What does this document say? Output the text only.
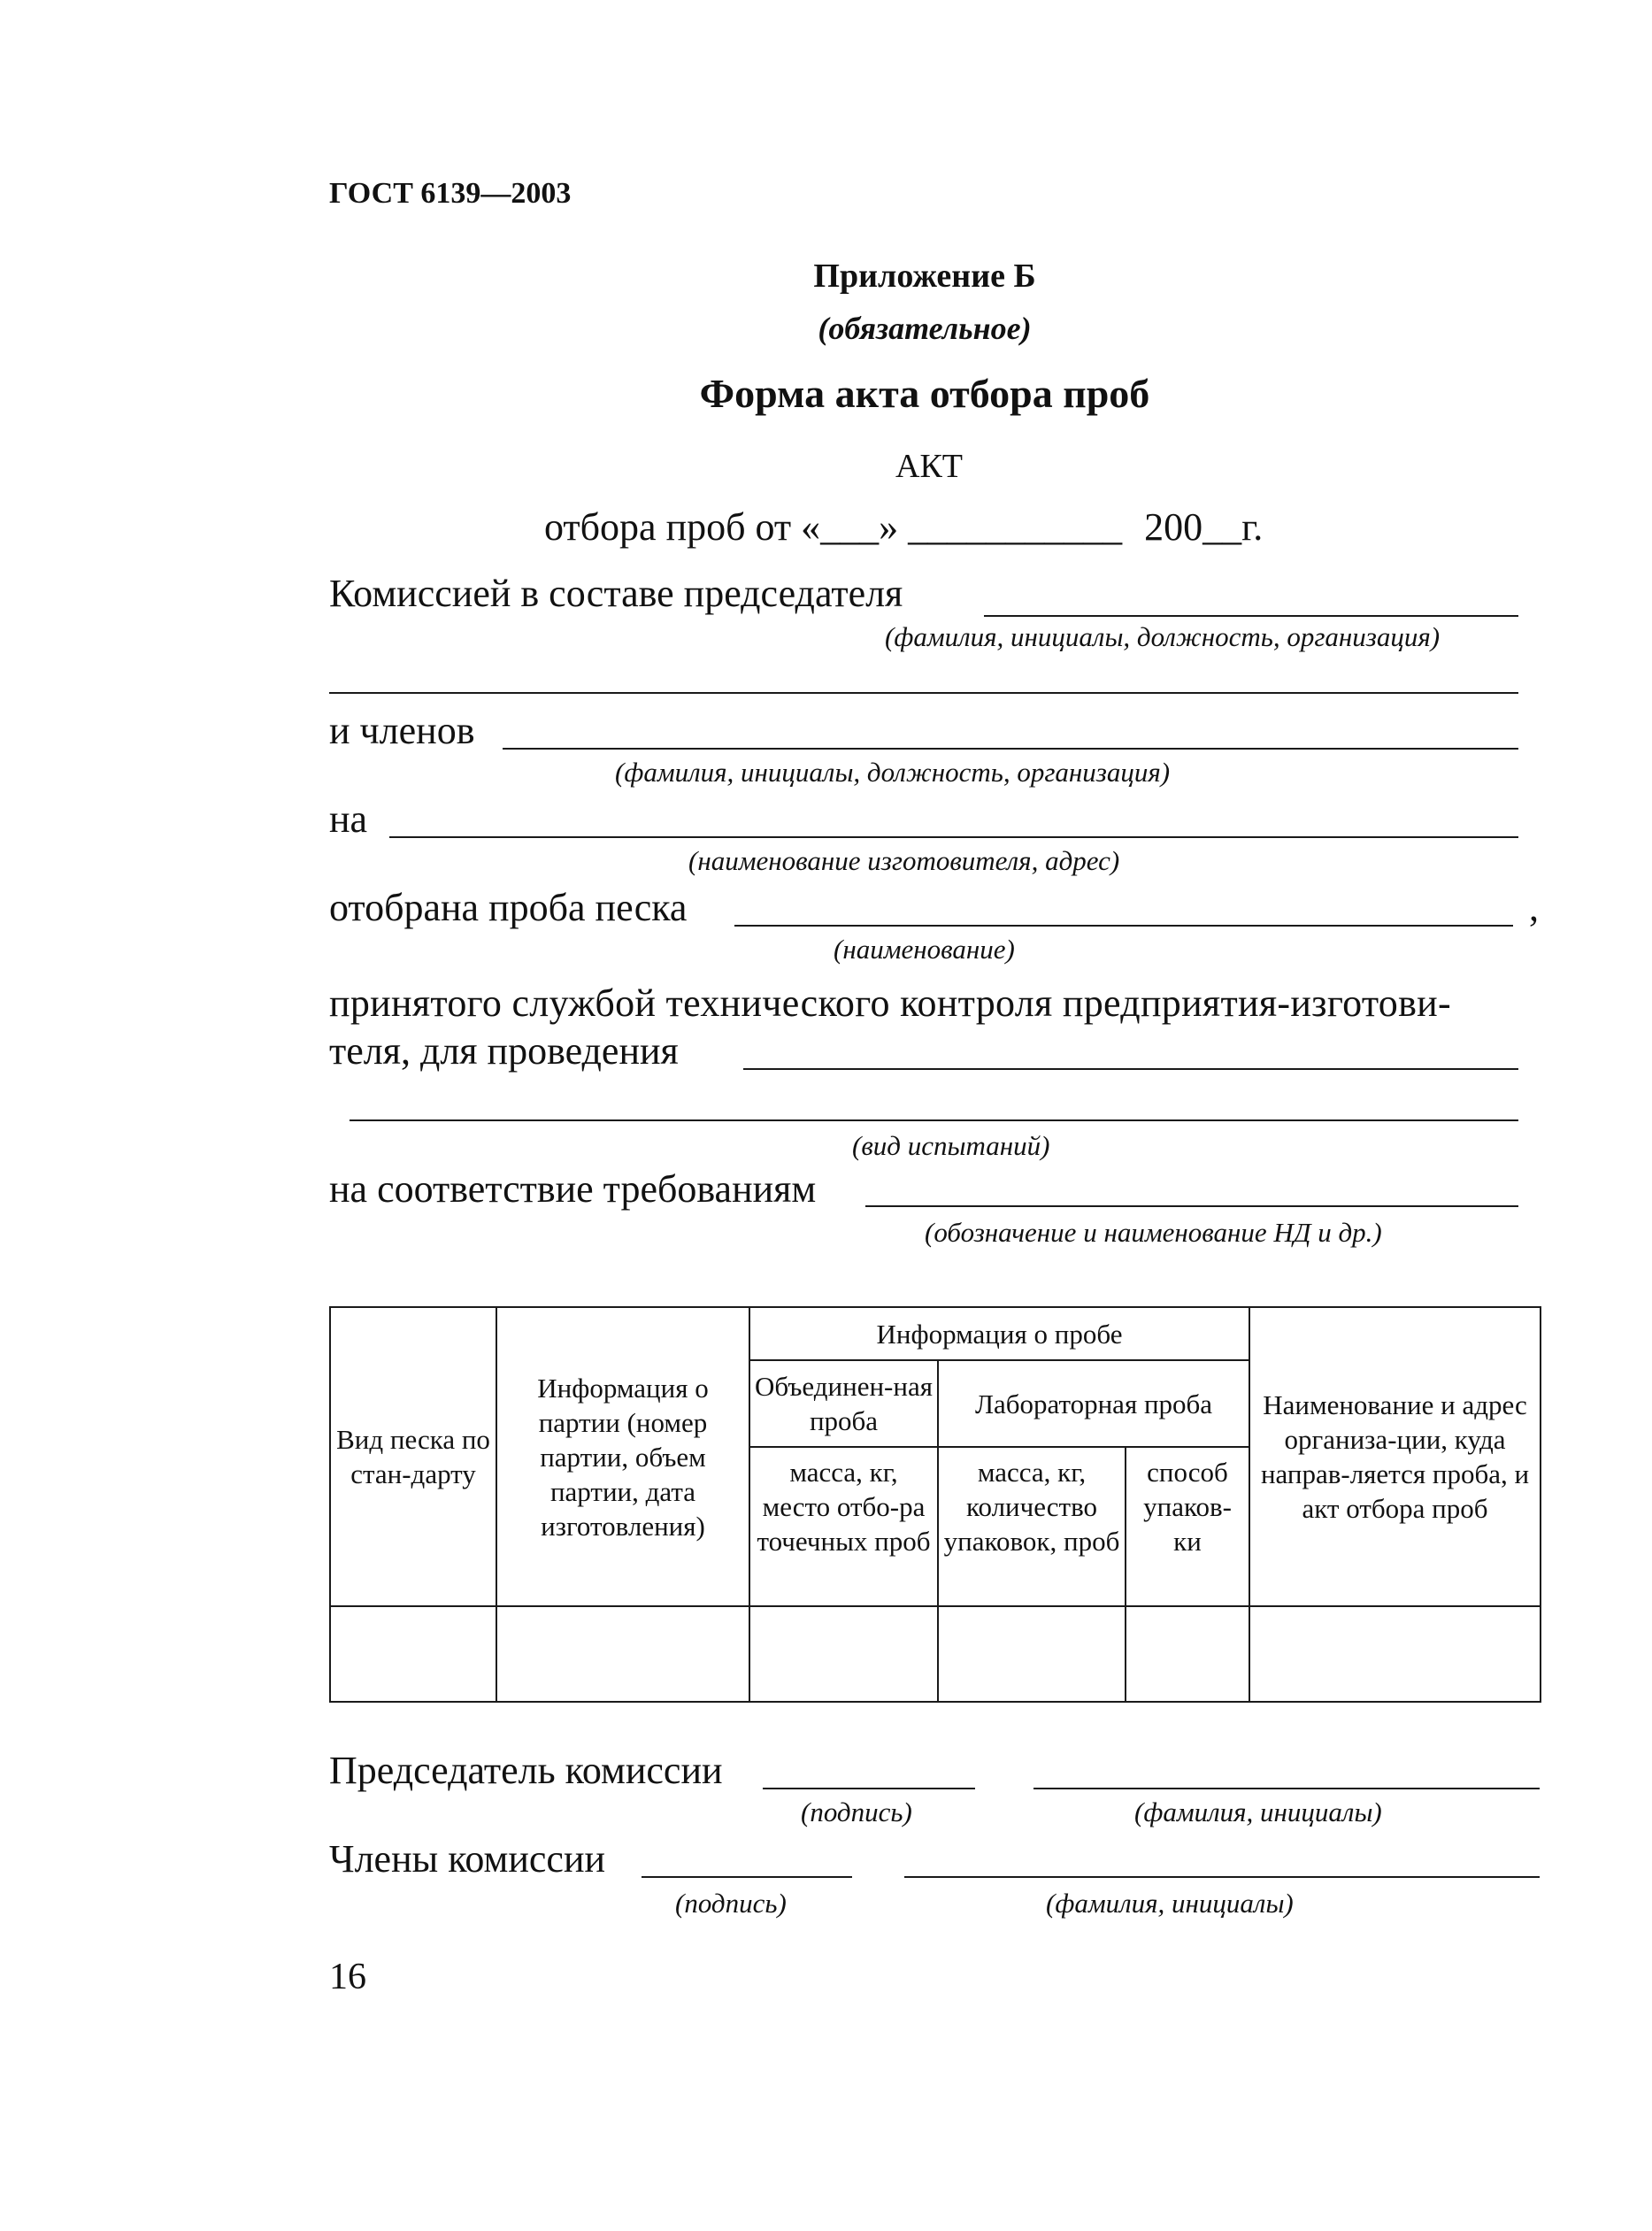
ГОСТ 6139—2003
Приложение Б
(обязательное)
Форма акта отбора проб
АКТ
отбора проб от «___» ___________ 200__г.
Комиссией в составе председателя
(фамилия, инициалы, должность, организация)
и членов
(фамилия, инициалы, должность, организация)
на
(наименование изготовителя, адрес)
отобрана проба песка	,
(наименование)
принятого службой технического контроля предприятия-изготови-
теля, для проведения
(вид испытаний)
на соответствие требованиям
(обозначение и наименование НД и др.)
Вид песка по стан-дарту	Информация о партии (номер партии, объем партии, дата изготовления)	Информация о пробе			Наименование и адрес организа-ции, куда направ-ляется проба, и акт отбора проб
		Объединен-ная проба	Лабораторная проба		
		масса, кг, место отбо-ра точечных проб	масса, кг, количество упаковок, проб	способ упаков-ки	

Председатель комиссии
(подпись)	(фамилия, инициалы)
Члены комиссии
(подпись)	(фамилия, инициалы)
16
